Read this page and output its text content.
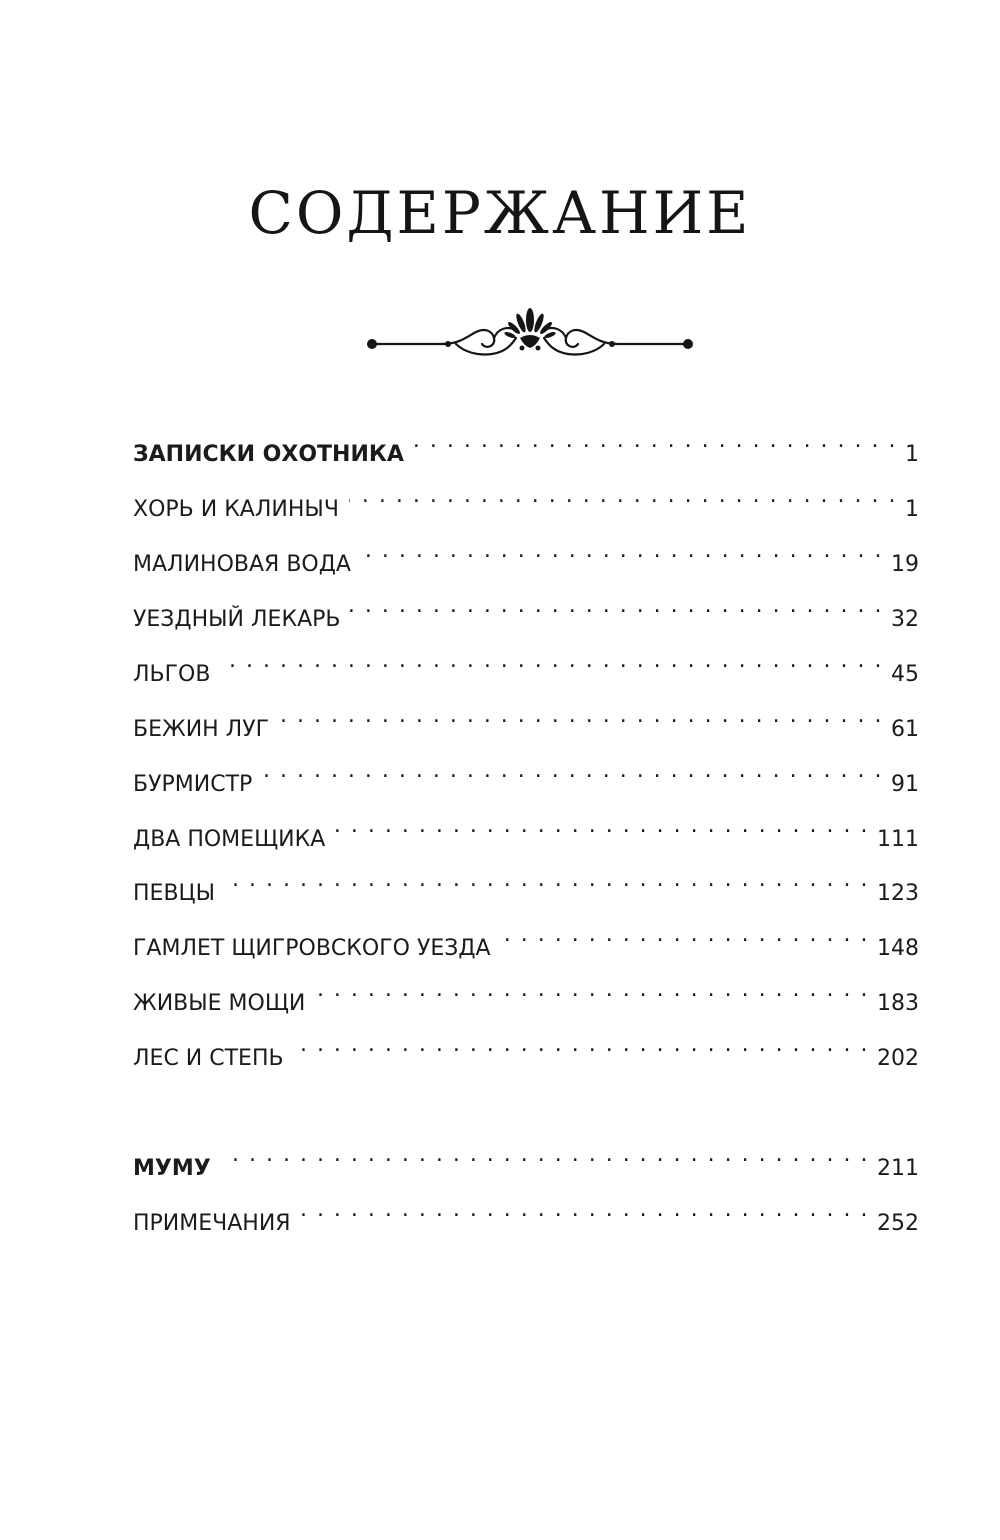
СОДЕРЖАНИЕ
ЗАПИСКИ ОХОТНИКА . . .	1
ХОРЬ И КАЛИНЫЧ . . .	1
МАЛИНОВАЯ ВОДА . . .	19
УЕЗДНЫЙ ЛЕКАРЬ . . .	32
ЛЬГОВ . . .	45
БЕЖИН ЛУГ . . .	61
БУРМИСТР . . .	91
ДВА ПОМЕЩИКА . . .	111
ПЕВЦЫ . . .	123
ГАМЛЕТ ЩИГРОВСКОГО УЕЗДА . . .	148
ЖИВЫЕ МОЩИ . . .	183
ЛЕС И СТЕПЬ . . .	202
МУМУ . . .	211
ПРИМЕЧАНИЯ . . .	252
